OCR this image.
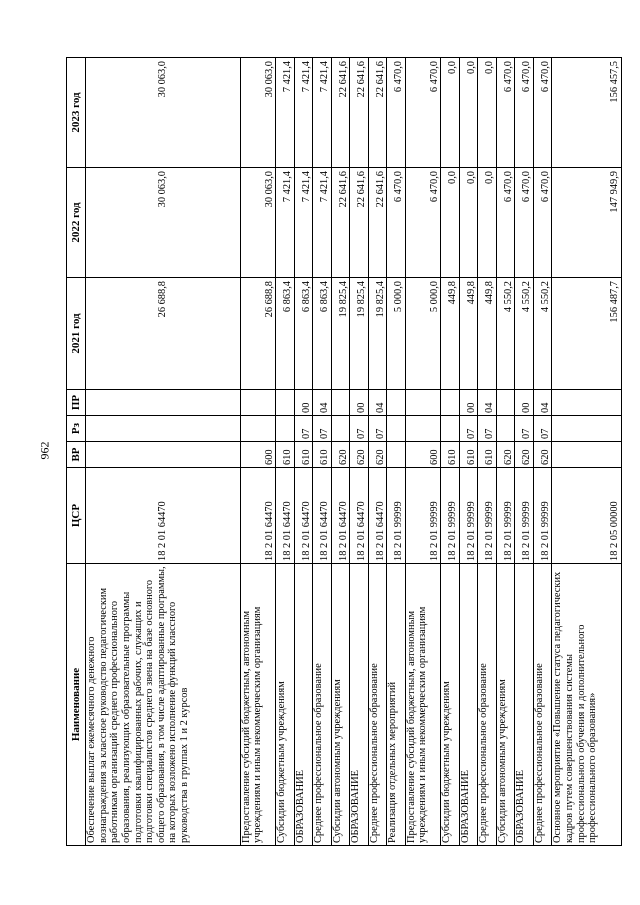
962
Наименование	ЦСР	ВР	Рз	ПР	2021 год	2022 год	2023 год
Обеспечение выплат ежемесячного денежного вознаграждения за классное руководство педагогическим работникам организаций среднего профессионального образования, реализующих образовательные программы подготовки квалифицированных рабочих, служащих и подготовки специалистов среднего звена на базе основного общего образования, в том числе адаптированные программы, на которых возложено исполнение функций классного руководства в группах 1 и 2 курсов	18 2 01 64470				26 688,8	30 063,0	30 063,0
Предоставление субсидий бюджетным, автономным учреждениям и иным некоммерческим организациям	18 2 01 64470	600			26 688,8	30 063,0	30 063,0
Субсидии бюджетным учреждениям	18 2 01 64470	610			6 863,4	7 421,4	7 421,4
ОБРАЗОВАНИЕ	18 2 01 64470	610	07	00	6 863,4	7 421,4	7 421,4
Среднее профессиональное образование	18 2 01 64470	610	07	04	6 863,4	7 421,4	7 421,4
Субсидии автономным учреждениям	18 2 01 64470	620			19 825,4	22 641,6	22 641,6
ОБРАЗОВАНИЕ	18 2 01 64470	620	07	00	19 825,4	22 641,6	22 641,6
Среднее профессиональное образование	18 2 01 64470	620	07	04	19 825,4	22 641,6	22 641,6
Реализация отдельных мероприятий	18 2 01 99999				5 000,0	6 470,0	6 470,0
Предоставление субсидий бюджетным, автономным учреждениям и иным некоммерческим организациям	18 2 01 99999	600			5 000,0	6 470,0	6 470,0
Субсидии бюджетным учреждениям	18 2 01 99999	610			449,8	0,0	0,0
ОБРАЗОВАНИЕ	18 2 01 99999	610	07	00	449,8	0,0	0,0
Среднее профессиональное образование	18 2 01 99999	610	07	04	449,8	0,0	0,0
Субсидии автономным учреждениям	18 2 01 99999	620			4 550,2	6 470,0	6 470,0
ОБРАЗОВАНИЕ	18 2 01 99999	620	07	00	4 550,2	6 470,0	6 470,0
Среднее профессиональное образование	18 2 01 99999	620	07	04	4 550,2	6 470,0	6 470,0
Основное мероприятие «Повышение статуса педагогических кадров путем совершенствования системы профессионального обучения и дополнительного профессионального образования»	18 2 05 00000				156 487,7	147 949,9	156 457,5
